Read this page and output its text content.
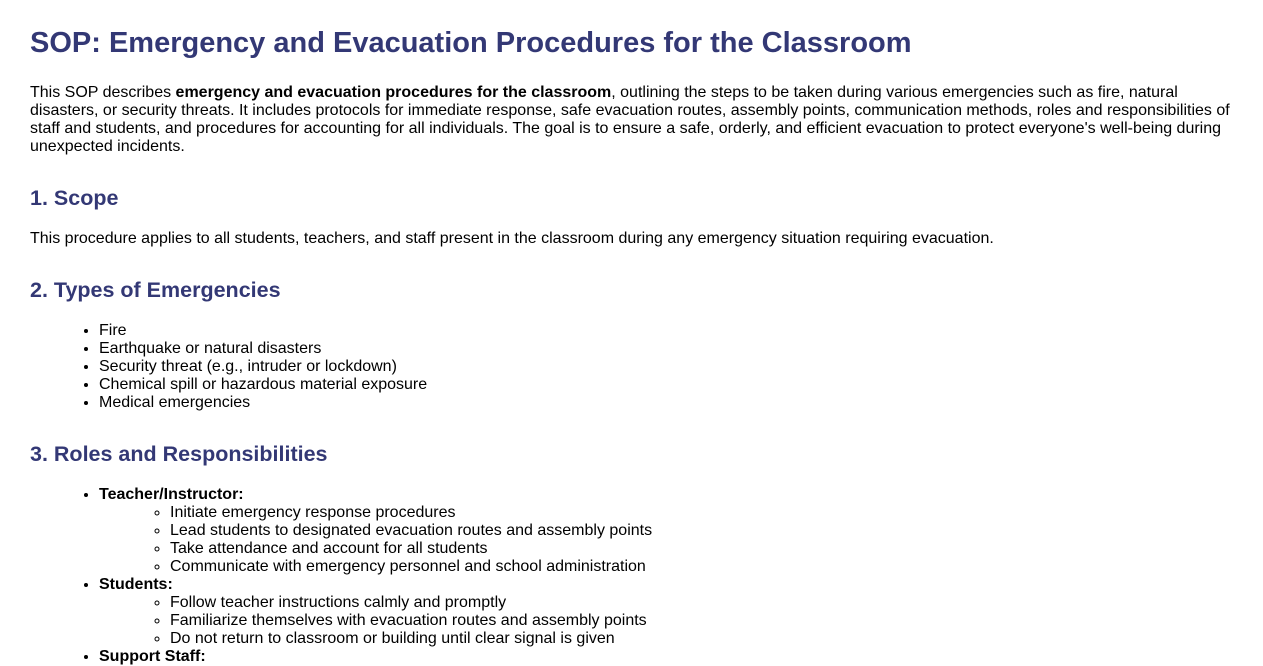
SOP: Emergency and Evacuation Procedures for the Classroom

This SOP describes emergency and evacuation procedures for the classroom, outlining the steps to be taken during various emergencies such as fire, natural disasters, or security threats. It includes protocols for immediate response, safe evacuation routes, assembly points, communication methods, roles and responsibilities of staff and students, and procedures for accounting for all individuals. The goal is to ensure a safe, orderly, and efficient evacuation to protect everyone's well-being during unexpected incidents.

1. Scope

This procedure applies to all students, teachers, and staff present in the classroom during any emergency situation requiring evacuation.

2. Types of Emergencies
• Fire
• Earthquake or natural disasters
• Security threat (e.g., intruder or lockdown)
• Chemical spill or hazardous material exposure
• Medical emergencies
3. Roles and Responsibilities
• Teacher/Instructor:
◦ Initiate emergency response procedures
◦ Lead students to designated evacuation routes and assembly points
◦ Take attendance and account for all students
◦ Communicate with emergency personnel and school administration
• Students:
◦ Follow teacher instructions calmly and promptly
◦ Familiarize themselves with evacuation routes and assembly points
◦ Do not return to classroom or building until clear signal is given
• Support Staff:
